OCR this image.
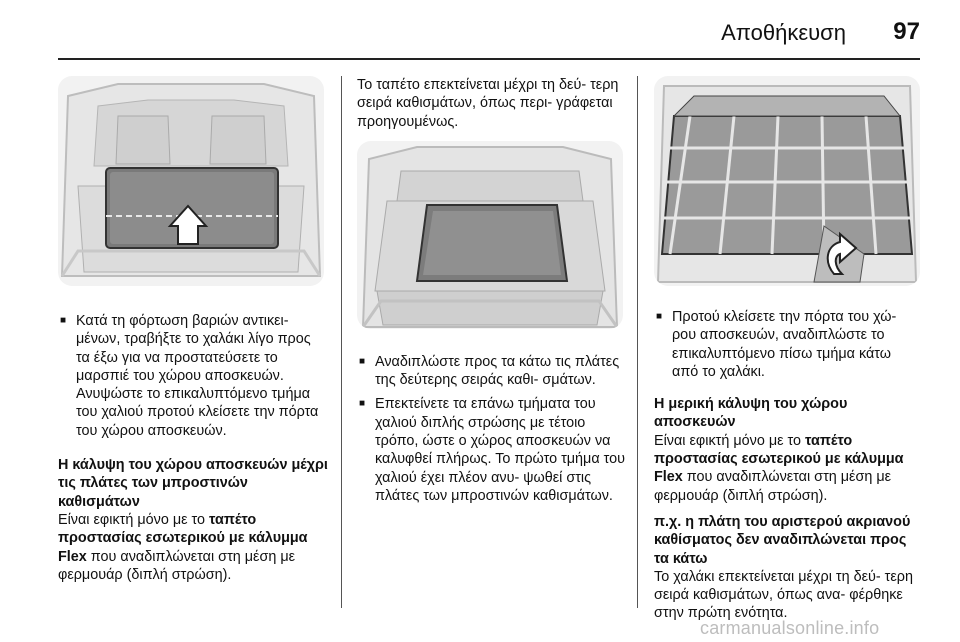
Αποθήκευση 97

■ Κατά τη φόρτωση βαριών αντικει- μένων, τραβήξτε το χαλάκι λίγο προς τα έξω για να προστατεύσετε το μαρσπιέ του χώρου αποσκευών. Ανυψώστε το επικαλυπτόμενο τμήμα του χαλιού προτού κλείσετε την πόρτα του χώρου αποσκευών.

Η κάλυψη του χώρου αποσκευών μέχρι τις πλάτες των μπροστινών καθισμάτων

Είναι εφικτή μόνο με το ταπέτο προστασίας εσωτερικού με κάλυμμα Flex που αναδιπλώνεται στη μέση με φερμουάρ (διπλή στρώση).

Το ταπέτο επεκτείνεται μέχρι τη δεύ- τερη σειρά καθισμάτων, όπως περι- γράφεται προηγουμένως.

■ Αναδιπλώστε προς τα κάτω τις πλάτες της δεύτερης σειράς καθι- σμάτων.

■ Επεκτείνετε τα επάνω τμήματα του χαλιού διπλής στρώσης με τέτοιο τρόπο, ώστε ο χώρος αποσκευών να καλυφθεί πλήρως. Το πρώτο τμήμα του χαλιού έχει πλέον ανυ- ψωθεί στις πλάτες των μπροστινών καθισμάτων.

■ Προτού κλείσετε την πόρτα του χώ- ρου αποσκευών, αναδιπλώστε το επικαλυπτόμενο πίσω τμήμα κάτω από το χαλάκι.

Η μερική κάλυψη του χώρου αποσκευών

Είναι εφικτή μόνο με το ταπέτο προστασίας εσωτερικού με κάλυμμα Flex που αναδιπλώνεται στη μέση με φερμουάρ (διπλή στρώση).

π.χ. η πλάτη του αριστερού ακριανού καθίσματος δεν αναδιπλώνεται προς τα κάτω

Το χαλάκι επεκτείνεται μέχρι τη δεύ- τερη σειρά καθισμάτων, όπως ανα- φέρθηκε στην πρώτη ενότητα.

carmanualsonline.info
